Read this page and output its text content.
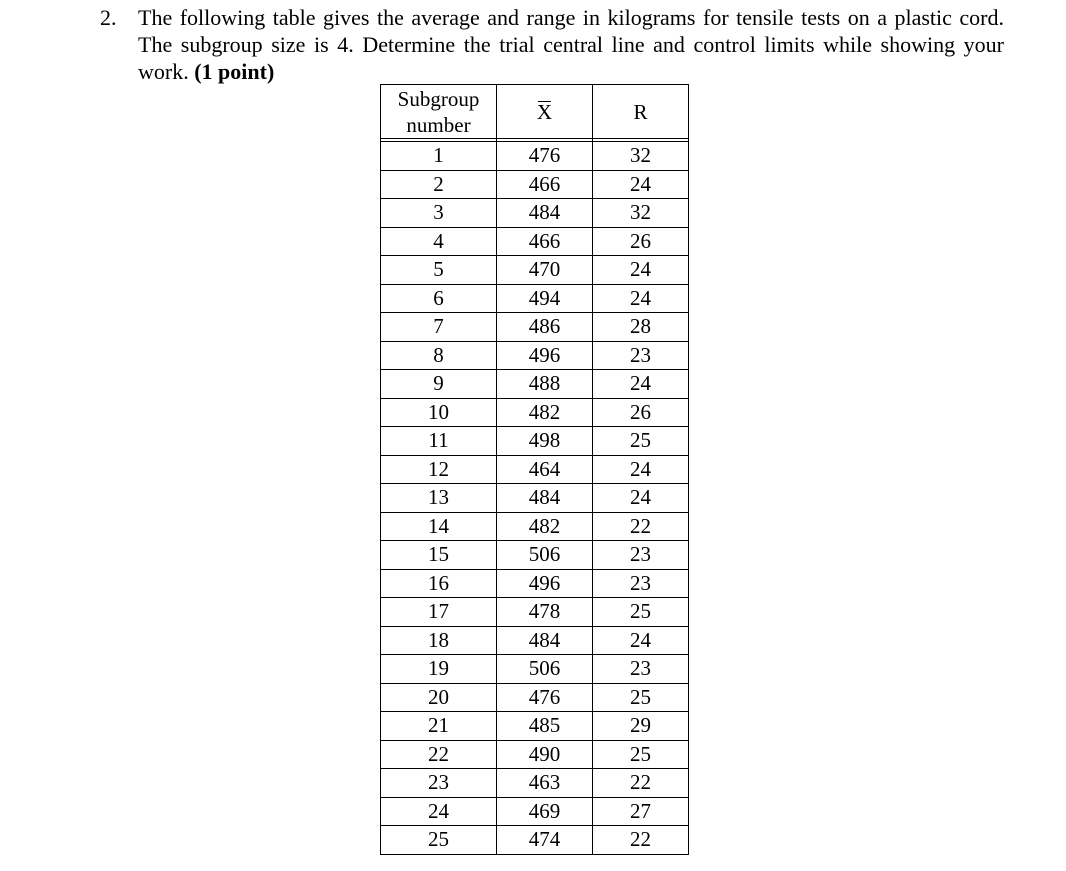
2. The following table gives the average and range in kilograms for tensile tests on a plastic cord. The subgroup size is 4. Determine the trial central line and control limits while showing your work. (1 point)
Subgroup number	X	R

1	476	32
2	466	24
3	484	32
4	466	26
5	470	24
6	494	24
7	486	28
8	496	23
9	488	24
10	482	26
11	498	25
12	464	24
13	484	24
14	482	22
15	506	23
16	496	23
17	478	25
18	484	24
19	506	23
20	476	25
21	485	29
22	490	25
23	463	22
24	469	27
25	474	22
